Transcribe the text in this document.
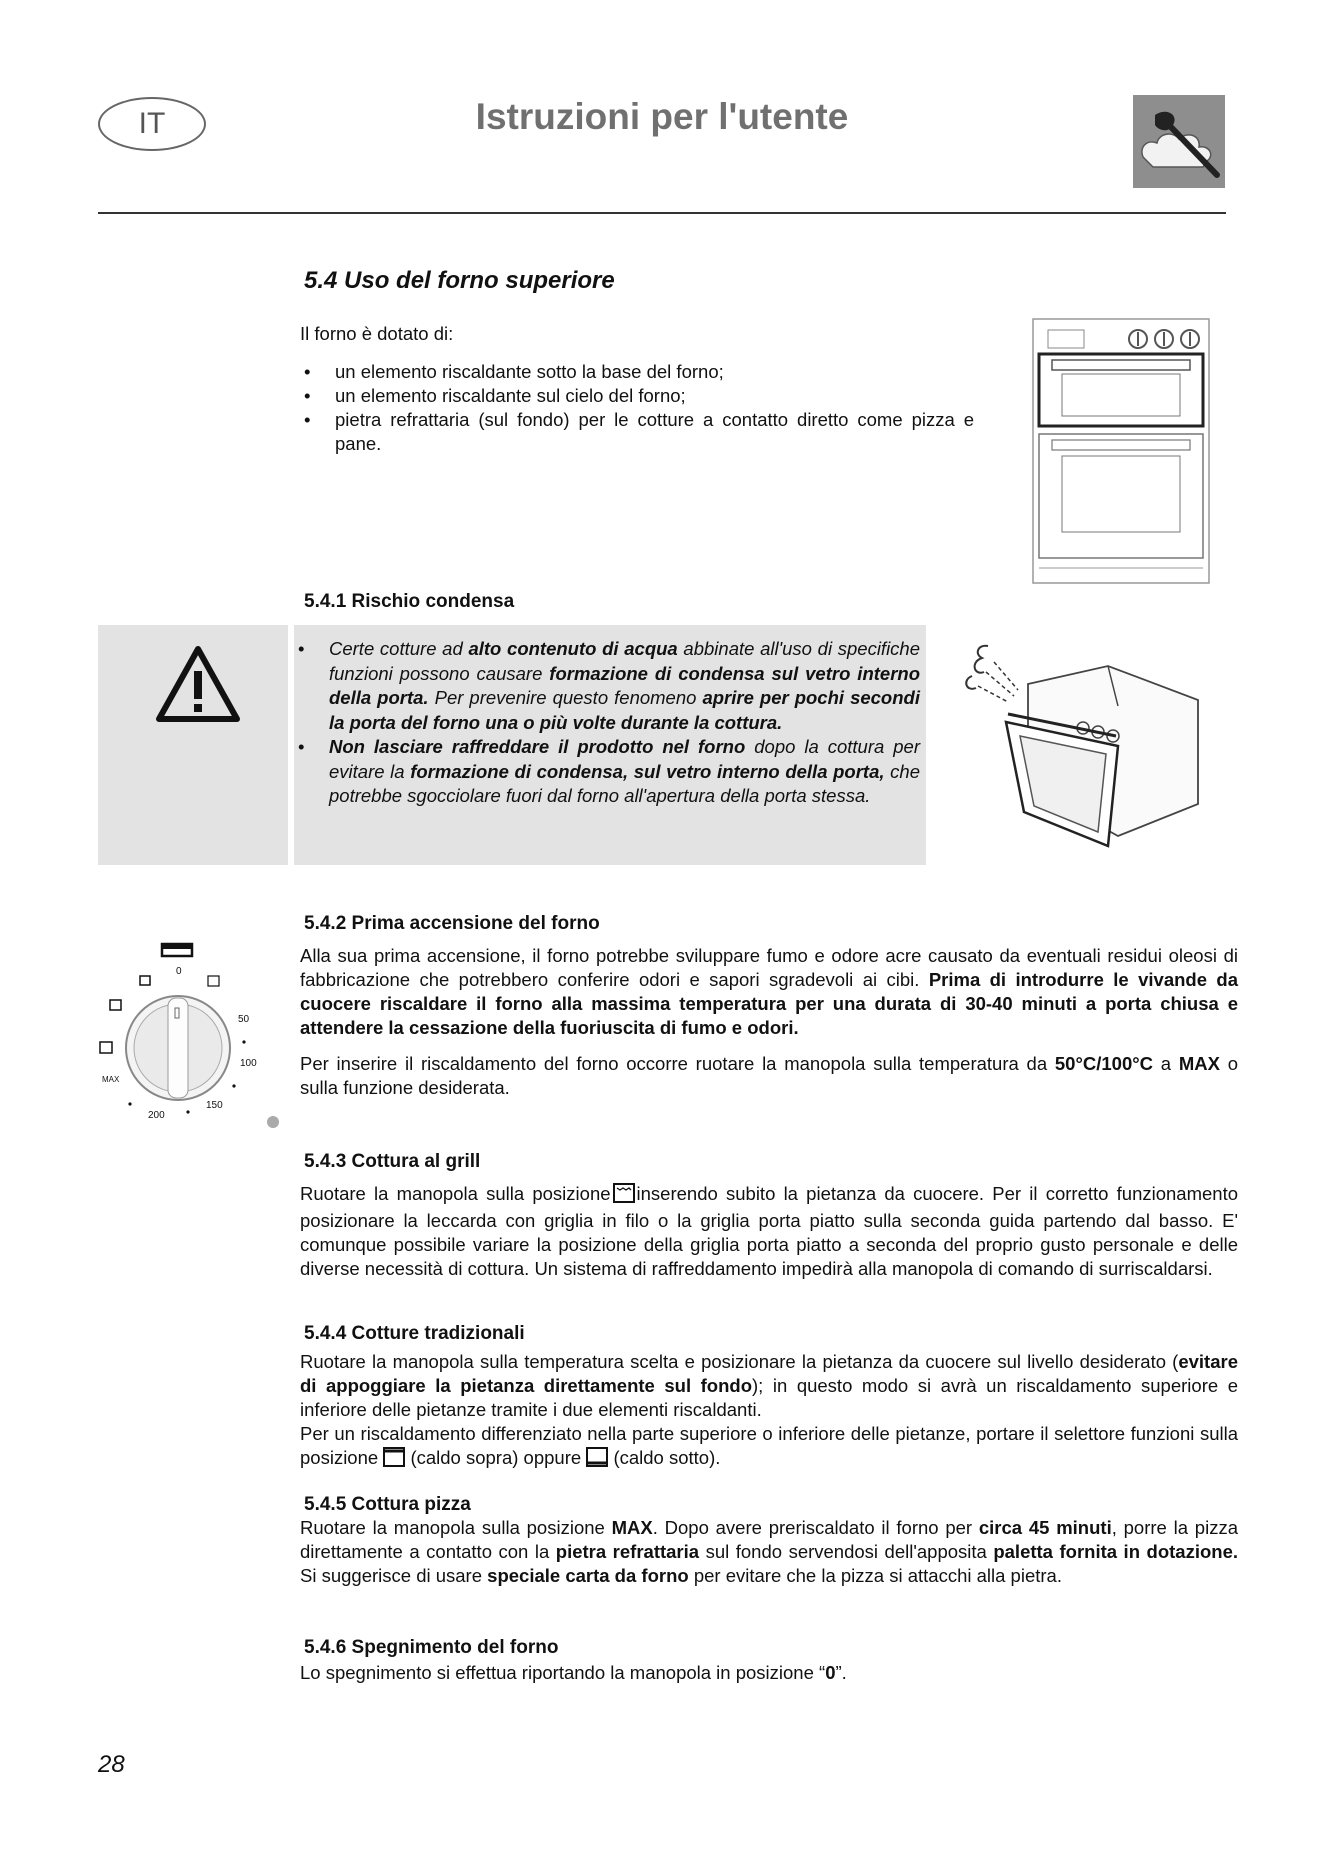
IT	Istruzioni per l'utente
5.4 Uso del forno superiore
Il forno è dotato di:
• un elemento riscaldante sotto la base del forno;
• un elemento riscaldante sul cielo del forno;
• pietra refrattaria (sul fondo) per le cotture a contatto diretto come pizza e pane.
5.4.1 Rischio condensa
• Certe cotture ad alto contenuto di acqua abbinate all'uso di specifiche funzioni possono causare formazione di condensa sul vetro interno della porta. Per prevenire questo fenomeno aprire per pochi secondi la porta del forno una o più volte durante la cottura.
• Non lasciare raffreddare il prodotto nel forno dopo la cottura per evitare la formazione di condensa, sul vetro interno della porta, che potrebbe sgocciolare fuori dal forno all'apertura della porta stessa.
0
50
100
150
200
MAX
5.4.2 Prima accensione del forno
Alla sua prima accensione, il forno potrebbe sviluppare fumo e odore acre causato da eventuali residui oleosi di fabbricazione che potrebbero conferire odori e sapori sgradevoli ai cibi. Prima di introdurre le vivande da cuocere riscaldare il forno alla massima temperatura per una durata di 30-40 minuti a porta chiusa e attendere la cessazione della fuoriuscita di fumo e odori.
Per inserire il riscaldamento del forno occorre ruotare la manopola sulla temperatura da 50°C/100°C a MAX o sulla funzione desiderata.
5.4.3 Cottura al grill
Ruotare la manopola sulla posizione inserendo subito la pietanza da cuocere. Per il corretto funzionamento posizionare la leccarda con griglia in filo o la griglia porta piatto sulla seconda guida partendo dal basso. E' comunque possibile variare la posizione della griglia porta piatto a seconda del proprio gusto personale e delle diverse necessità di cottura. Un sistema di raffreddamento impedirà alla manopola di comando di surriscaldarsi.
5.4.4 Cotture tradizionali
Ruotare la manopola sulla temperatura scelta e posizionare la pietanza da cuocere sul livello desiderato (evitare di appoggiare la pietanza direttamente sul fondo); in questo modo si avrà un riscaldamento superiore e inferiore delle pietanze tramite i due elementi riscaldanti.
Per un riscaldamento differenziato nella parte superiore o inferiore delle pietanze, portare il selettore funzioni sulla posizione (caldo sopra) oppure (caldo sotto).
5.4.5 Cottura pizza
Ruotare la manopola sulla posizione MAX. Dopo avere preriscaldato il forno per circa 45 minuti, porre la pizza direttamente a contatto con la pietra refrattaria sul fondo servendosi dell'apposita paletta fornita in dotazione. Si suggerisce di usare speciale carta da forno per evitare che la pizza si attacchi alla pietra.
5.4.6 Spegnimento del forno
Lo spegnimento si effettua riportando la manopola in posizione “0”.
28
